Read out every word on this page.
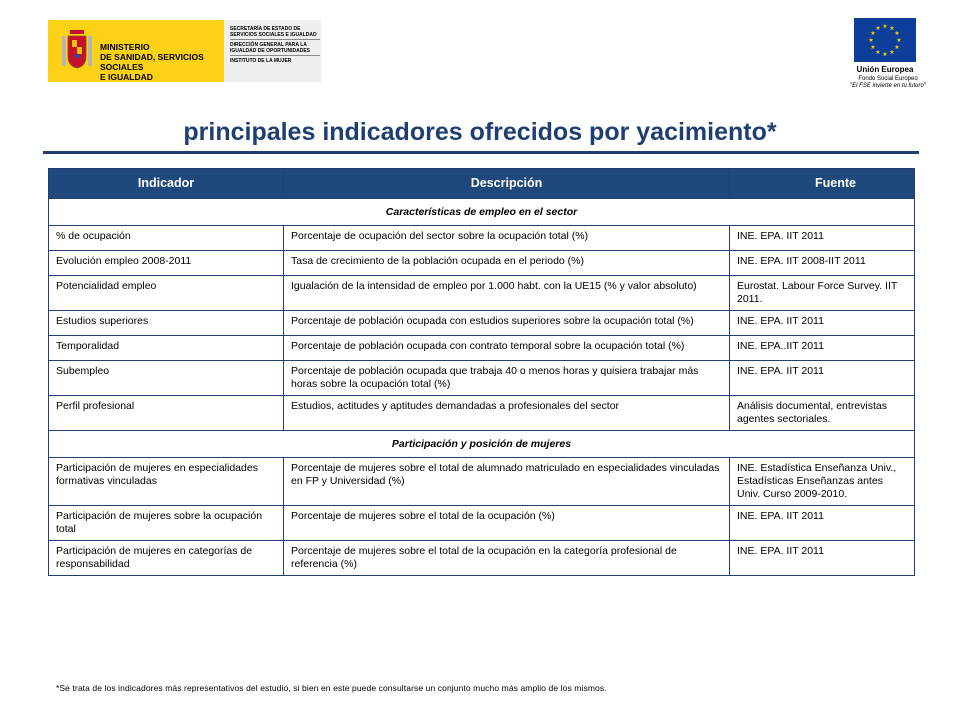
MINISTERIO
DE SANIDAD, SERVICIOS SOCIALES
E IGUALDAD
SECRETARÍA DE ESTADO DE SERVICIOS SOCIALES E IGUALDAD
DIRECCIÓN GENERAL PARA LA IGUALDAD DE OPORTUNIDADES
INSTITUTO DE LA MUJER
★ ★
★
★
★
★
★
★
★
★
★
★
Unión Europea
Fondo Social Europeo
"El FSE invierte en tu futuro"
principales indicadores ofrecidos por yacimiento*
Indicador	Descripción	Fuente
Características de empleo en el sector		
% de ocupación	Porcentaje de ocupación del sector sobre la ocupación total (%)	INE. EPA. IIT 2011
Evolución empleo 2008-2011	Tasa de crecimiento de la población ocupada en el periodo (%)	INE. EPA. IIT 2008-IIT 2011
Potencialidad empleo	Igualación de la intensidad de empleo por 1.000 habt. con la UE15 (% y valor absoluto)	Eurostat. Labour Force Survey. IIT 2011.
Estudios superiores	Porcentaje de población ocupada con estudios superiores sobre la ocupación total (%)	INE. EPA. IIT 2011
Temporalidad	Porcentaje de población ocupada con contrato temporal sobre la ocupación total (%)	INE. EPA..IIT 2011
Subempleo	Porcentaje de población ocupada que trabaja 40 o menos horas y quisiera trabajar más horas sobre la ocupación total (%)	INE. EPA. IIT 2011
Perfil profesional	Estudios, actitudes y aptitudes demandadas a profesionales del sector	Análisis documental, entrevistas agentes sectoriales.
Participación y posición de mujeres		
Participación de mujeres en especialidades formativas vinculadas	Porcentaje de mujeres sobre el total de alumnado matriculado en especialidades vinculadas en FP y Universidad (%)	INE. Estadística Enseñanza Univ., Estadísticas Enseñanzas antes Univ. Curso 2009-2010.
Participación de mujeres sobre la ocupación total	Porcentaje de mujeres sobre el total de la ocupación (%)	INE. EPA. IIT 2011
Participación de mujeres en categorías de responsabilidad	Porcentaje de mujeres sobre el total de la ocupación en la categoría profesional de referencia (%)	INE. EPA. IIT 2011
*Se trata de los indicadores más representativos del estudio, si bien en este puede consultarse un conjunto mucho más amplio de los mismos.
